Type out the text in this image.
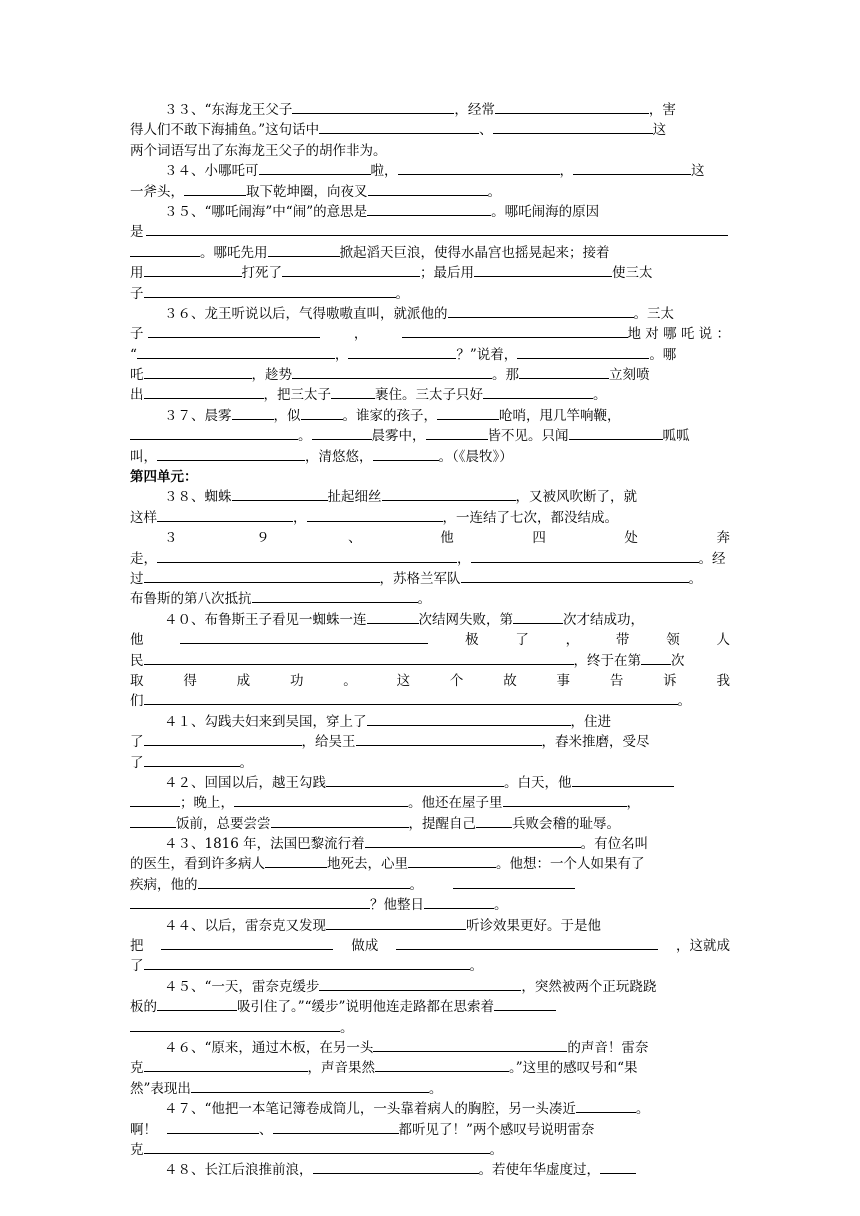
３３、“东海龙王父子	，经常	，害
得人们不敢下海捕鱼。”这句话中	、	这
两个词语写出了东海龙王父子的胡作非为。
３４、小哪吒可	啦，	，	这
一斧头，	取下乾坤圈，向夜叉	。
３５、“哪吒闹海”中“闹”的意思是	。哪吒闹海的原因
是
。哪吒先用	掀起滔天巨浪，使得水晶宫也摇晃起来；接着
用	打死了	；最后用	使三太
子	。
３６、龙王听说以后，气得嗷嗷直叫，就派他的	。三太
子	，	地 对 哪 吒 说 ：
“	，	？”说着，	。哪
吒	，趁势	。那	立刻喷
出	，把三太子	裹住。三太子只好	。
３７、晨雾	，似	。谁家的孩子，	呛哨，甩几竿响鞭，
。	晨雾中，	皆不见。只闻	呱呱
叫，	，清悠悠，	。（《晨牧》）
第四单元：
３８、蜘蛛	扯起细丝	，又被风吹断了，就
这样	，	，一连结了七次，都没结成。
３	９	、	他	四	处	奔
走，	，	。经
过	，苏格兰军队	。
布鲁斯的第八次抵抗	。
４０、布鲁斯王子看见一蜘蛛一连	次结网失败，第	次才结成功，
他	极	了	，	带	领	人
民	，终于在第 次
取	得	成	功	。	这	个	故	事	告	诉	我
们	。
４１、勾践夫妇来到吴国，穿上了	，住进
了	，给吴王	，舂米推磨，受尽
了	。
４２、回国以后，越王勾践	。白天，他
；晚上，	。他还在屋子里	，
饭前，总要尝尝	，提醒自己	兵败会稽的耻辱。
４３、1816 年，法国巴黎流行着	。有位名叫
的医生，看到许多病人	地死去，心里	。他想：一个人如果有了
疾病，他的	。
？他整日	。
４４、以后，雷奈克又发现	听诊效果更好。于是他
把	做成	，这就成
了	。
４５、“一天，雷奈克缓步	，突然被两个正玩跷跷
板的	吸引住了。”“缓步”说明他连走路都在思索着
。
４６、“原来，通过木板，在另一头	的声音！雷奈
克	，声音果然	。”这里的感叹号和“果
然”表现出	。
４７、“他把一本笔记簿卷成筒儿，一头靠着病人的胸腔，另一头凑近	。
啊！	、	都听见了！”两个感叹号说明雷奈
克	。
４８、长江后浪推前浪，	。若使年华虚度过，
